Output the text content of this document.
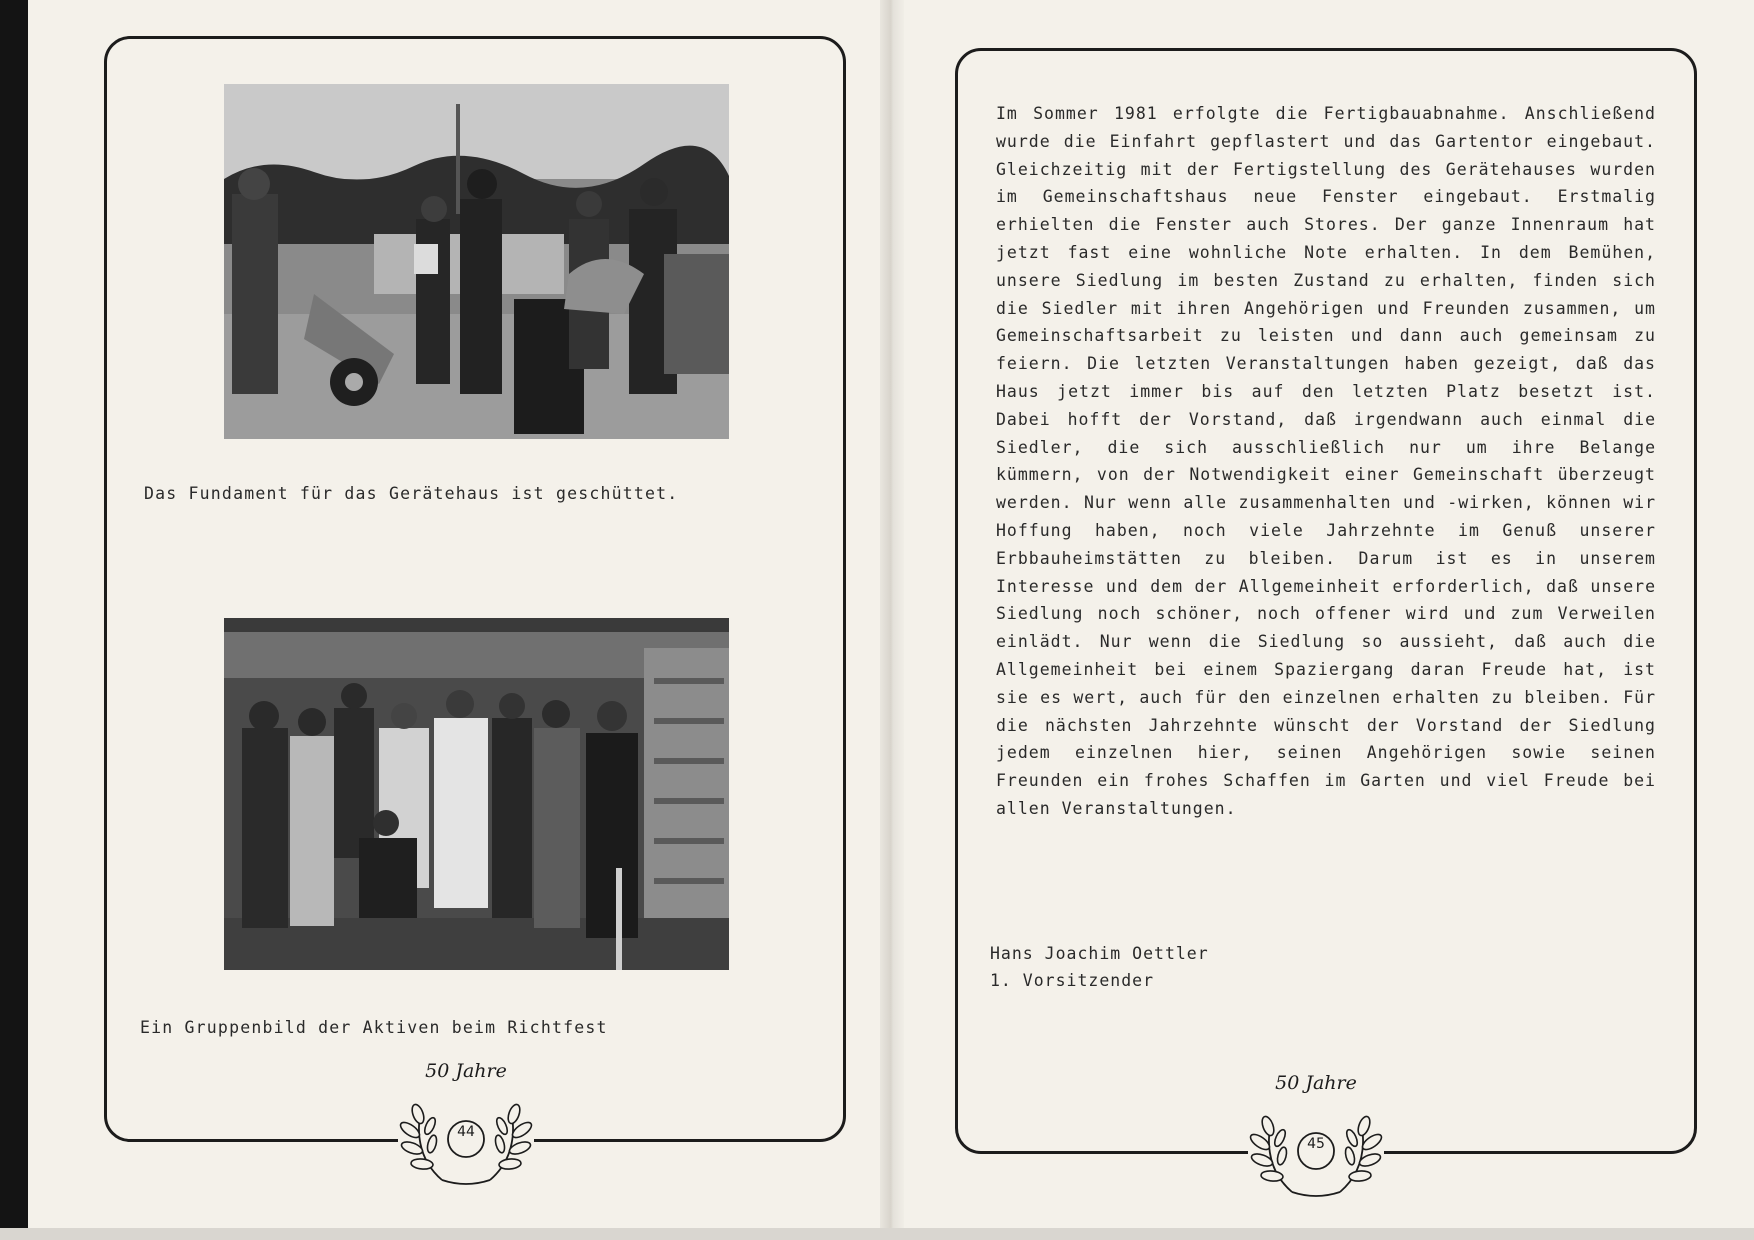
Das Fundament für das Gerätehaus ist geschüttet.
Ein Gruppenbild der Aktiven beim Richtfest
50 Jahre
44

Im Sommer 1981 erfolgte die Fertigbauabnahme. Anschließend wurde die Einfahrt gepflastert und das Gartentor eingebaut. Gleichzeitig mit der Fertigstellung des Gerätehauses wurden im Gemeinschaftshaus neue Fenster eingebaut. Erstmalig erhielten die Fenster auch Stores. Der ganze Innenraum hat jetzt fast eine wohnliche Note erhalten. In dem Bemühen, unsere Siedlung im besten Zustand zu erhalten, finden sich die Siedler mit ihren Angehörigen und Freunden zusammen, um Gemeinschaftsarbeit zu leisten und dann auch gemeinsam zu feiern. Die letzten Veranstaltungen haben gezeigt, daß das Haus jetzt immer bis auf den letzten Platz besetzt ist. Dabei hofft der Vorstand, daß irgendwann auch einmal die Siedler, die sich ausschließlich nur um ihre Belange kümmern, von der Notwendigkeit einer Gemeinschaft überzeugt werden. Nur wenn alle zusammenhalten und -wirken, können wir Hoffung haben, noch viele Jahrzehnte im Genuß unserer Erbbauheimstätten zu bleiben. Darum ist es in unserem Interesse und dem der Allgemeinheit erforderlich, daß unsere Siedlung noch schöner, noch offener wird und zum Verweilen einlädt. Nur wenn die Siedlung so aussieht, daß auch die Allgemeinheit bei einem Spaziergang daran Freude hat, ist sie es wert, auch für den einzelnen erhalten zu bleiben. Für die nächsten Jahrzehnte wünscht der Vorstand der Siedlung jedem einzelnen hier, seinen Angehörigen sowie seinen Freunden ein frohes Schaffen im Garten und viel Freude bei allen Veranstaltungen.

Hans Joachim Oettler
1. Vorsitzender
50 Jahre
45
